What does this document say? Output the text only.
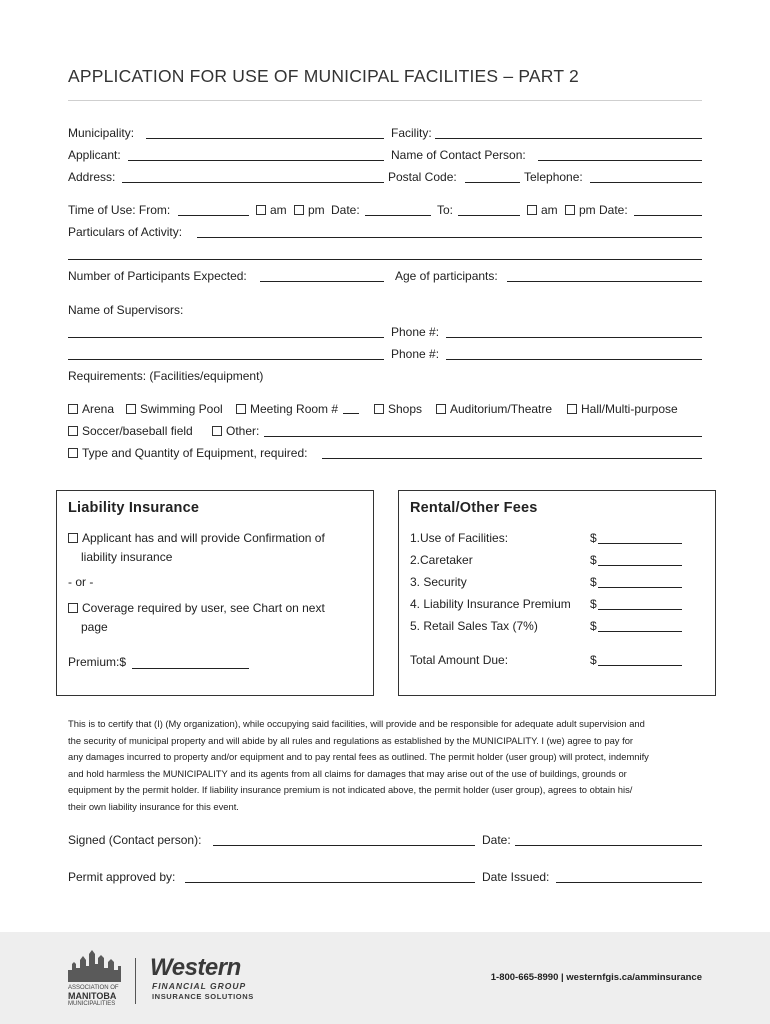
APPLICATION FOR USE OF MUNICIPAL FACILITIES – PART 2
Municipality:	Facility:
Applicant:	Name of Contact Person:
Address:	Postal Code:	Telephone:
Time of Use: From:	am	pm Date:	To:	am	pm Date:
Particulars of Activity:
Number of Participants Expected:	Age of participants:
Name of Supervisors:
Phone #:
Phone #:
Requirements: (Facilities/equipment)
Arena	Swimming Pool	Meeting Room #	Shops	Auditorium/Theatre	Hall/Multi-purpose
Soccer/baseball field	Other:
Type and Quantity of Equipment, required:
Liability Insurance
Applicant has and will provide Confirmation of
liability insurance
- or -
Coverage required by user, see Chart on next
page
Premium:$
Rental/Other Fees
1.Use of Facilities:	$
2.Caretaker	$
3. Security	$
4. Liability Insurance Premium $
5. Retail Sales Tax (7%)	$
Total Amount Due:	$
This is to certify that (I) (My organization), while occupying said facilities, will provide and be responsible for adequate adult supervision and
the security of municipal property and will abide by all rules and regulations as established by the MUNICIPALITY. I (we) agree to pay for
any damages incurred to property and/or equipment and to pay rental fees as outlined. The permit holder (user group) will protect, indemnify
and hold harmless the MUNICIPALITY and its agents from all claims for damages that may arise out of the use of buildings, grounds or
equipment by the permit holder. If liability insurance premium is not indicated above, the permit holder (user group), agrees to obtain his/
their own liability insurance for this event.
Signed (Contact person):	Date:
Permit approved by:	Date Issued:
ASSOCIATION OF
MANITOBA
MUNICIPALITIES
Western
FINANCIAL GROUP
INSURANCE SOLUTIONS
1-800-665-8990 | westernfgis.ca/amminsurance
